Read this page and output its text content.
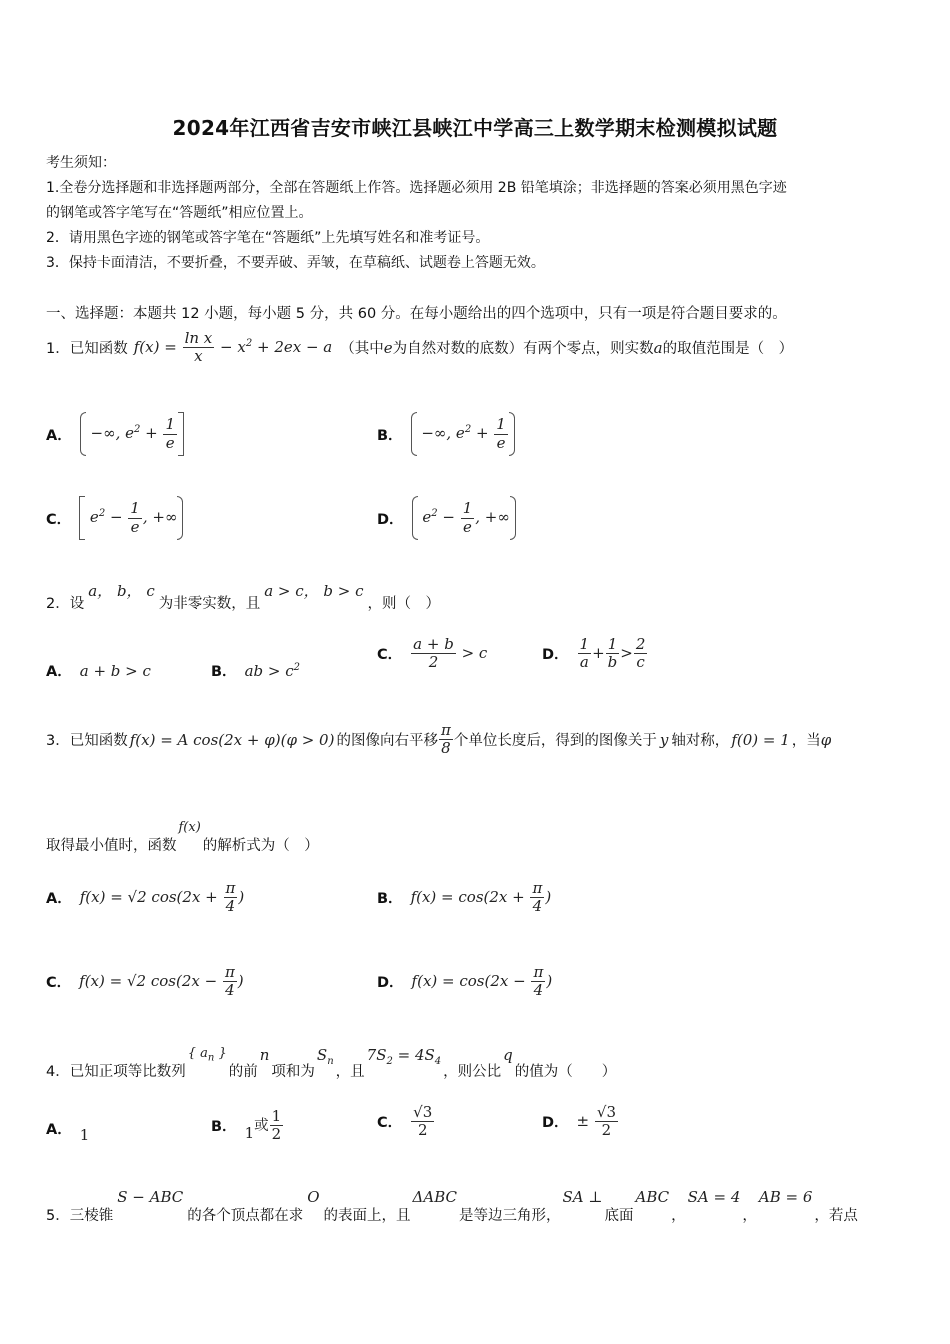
2024年江西省吉安市峡江县峡江中学高三上数学期末检测模拟试题
考生须知：
1.全卷分选择题和非选择题两部分，全部在答题纸上作答。选择题必须用 2B 铅笔填涂；非选择题的答案必须用黑色字迹
的钢笔或答字笔写在“答题纸”相应位置上。
2．请用黑色字迹的钢笔或答字笔在“答题纸”上先填写姓名和准考证号。
3．保持卡面清洁，不要折叠，不要弄破、弄皱，在草稿纸、试题卷上答题无效。
一、选择题：本题共 12 小题，每小题 5 分，共 60 分。在每小题给出的四个选项中，只有一项是符合题目要求的。
1．已知函数 $f(x) = \frac{\text{ln x}}{x} - x^2 + 2ex - a$ （其中 e 为自然对数的底数）有两个零点，则实数 a 的取值范围是（　）
A． −∞, $e^2 + \frac{1}{e}$	B． −∞, $e^2 + \frac{1}{e}$
C． $e^2 - \frac{1}{e}$ , +∞	D． $e^2 - \frac{1}{e}$ , +∞
2．设
a， b， c
为非零实数，且
a > c， b > c
，则（　）
A． a + b > c	B． ab > $c^2$
C． $\frac{a + b}{2} > c$	D． $\frac{1}{a} + \frac{1}{b} > \frac{2}{c}$
3．已知函数 f(x) = A cos(2x + φ)(φ > 0) 的图像向右平移 $\frac{\pi}{8}$ 个单位长度后，得到的图像关于 y 轴对称， f(0) = 1 ，当 φ
取得最小值时，函数
f(x)
的解析式为（　）
A． f(x) = √2 $\cos(2x + \frac{\pi}{4}$ )	B． $f(x) = \cos(2x + \frac{\pi}{4}$ )
C． f(x) = √2 $\cos(2x - \frac{\pi}{4}$ )	D． $f(x) = \cos(2x - \frac{\pi}{4}$ )
4．已知正项等比数列
{ $a_n$ }
的前
n
项和为
$S_n$
，且
$7S_2 = 4S_4$
，则公比
q
的值为（　　）
A． 1	B． 1或 $\frac{1}{2}$	C． $\frac{√3}{2}$	D． ± $\frac{√3}{2}$
5．三棱锥
S − ABC
的各个顶点都在求
O
的表面上，且
ΔABC
是等边三角形，
SA ⊥
底面
ABC
，
SA = 4
，
AB = 6
，若点
